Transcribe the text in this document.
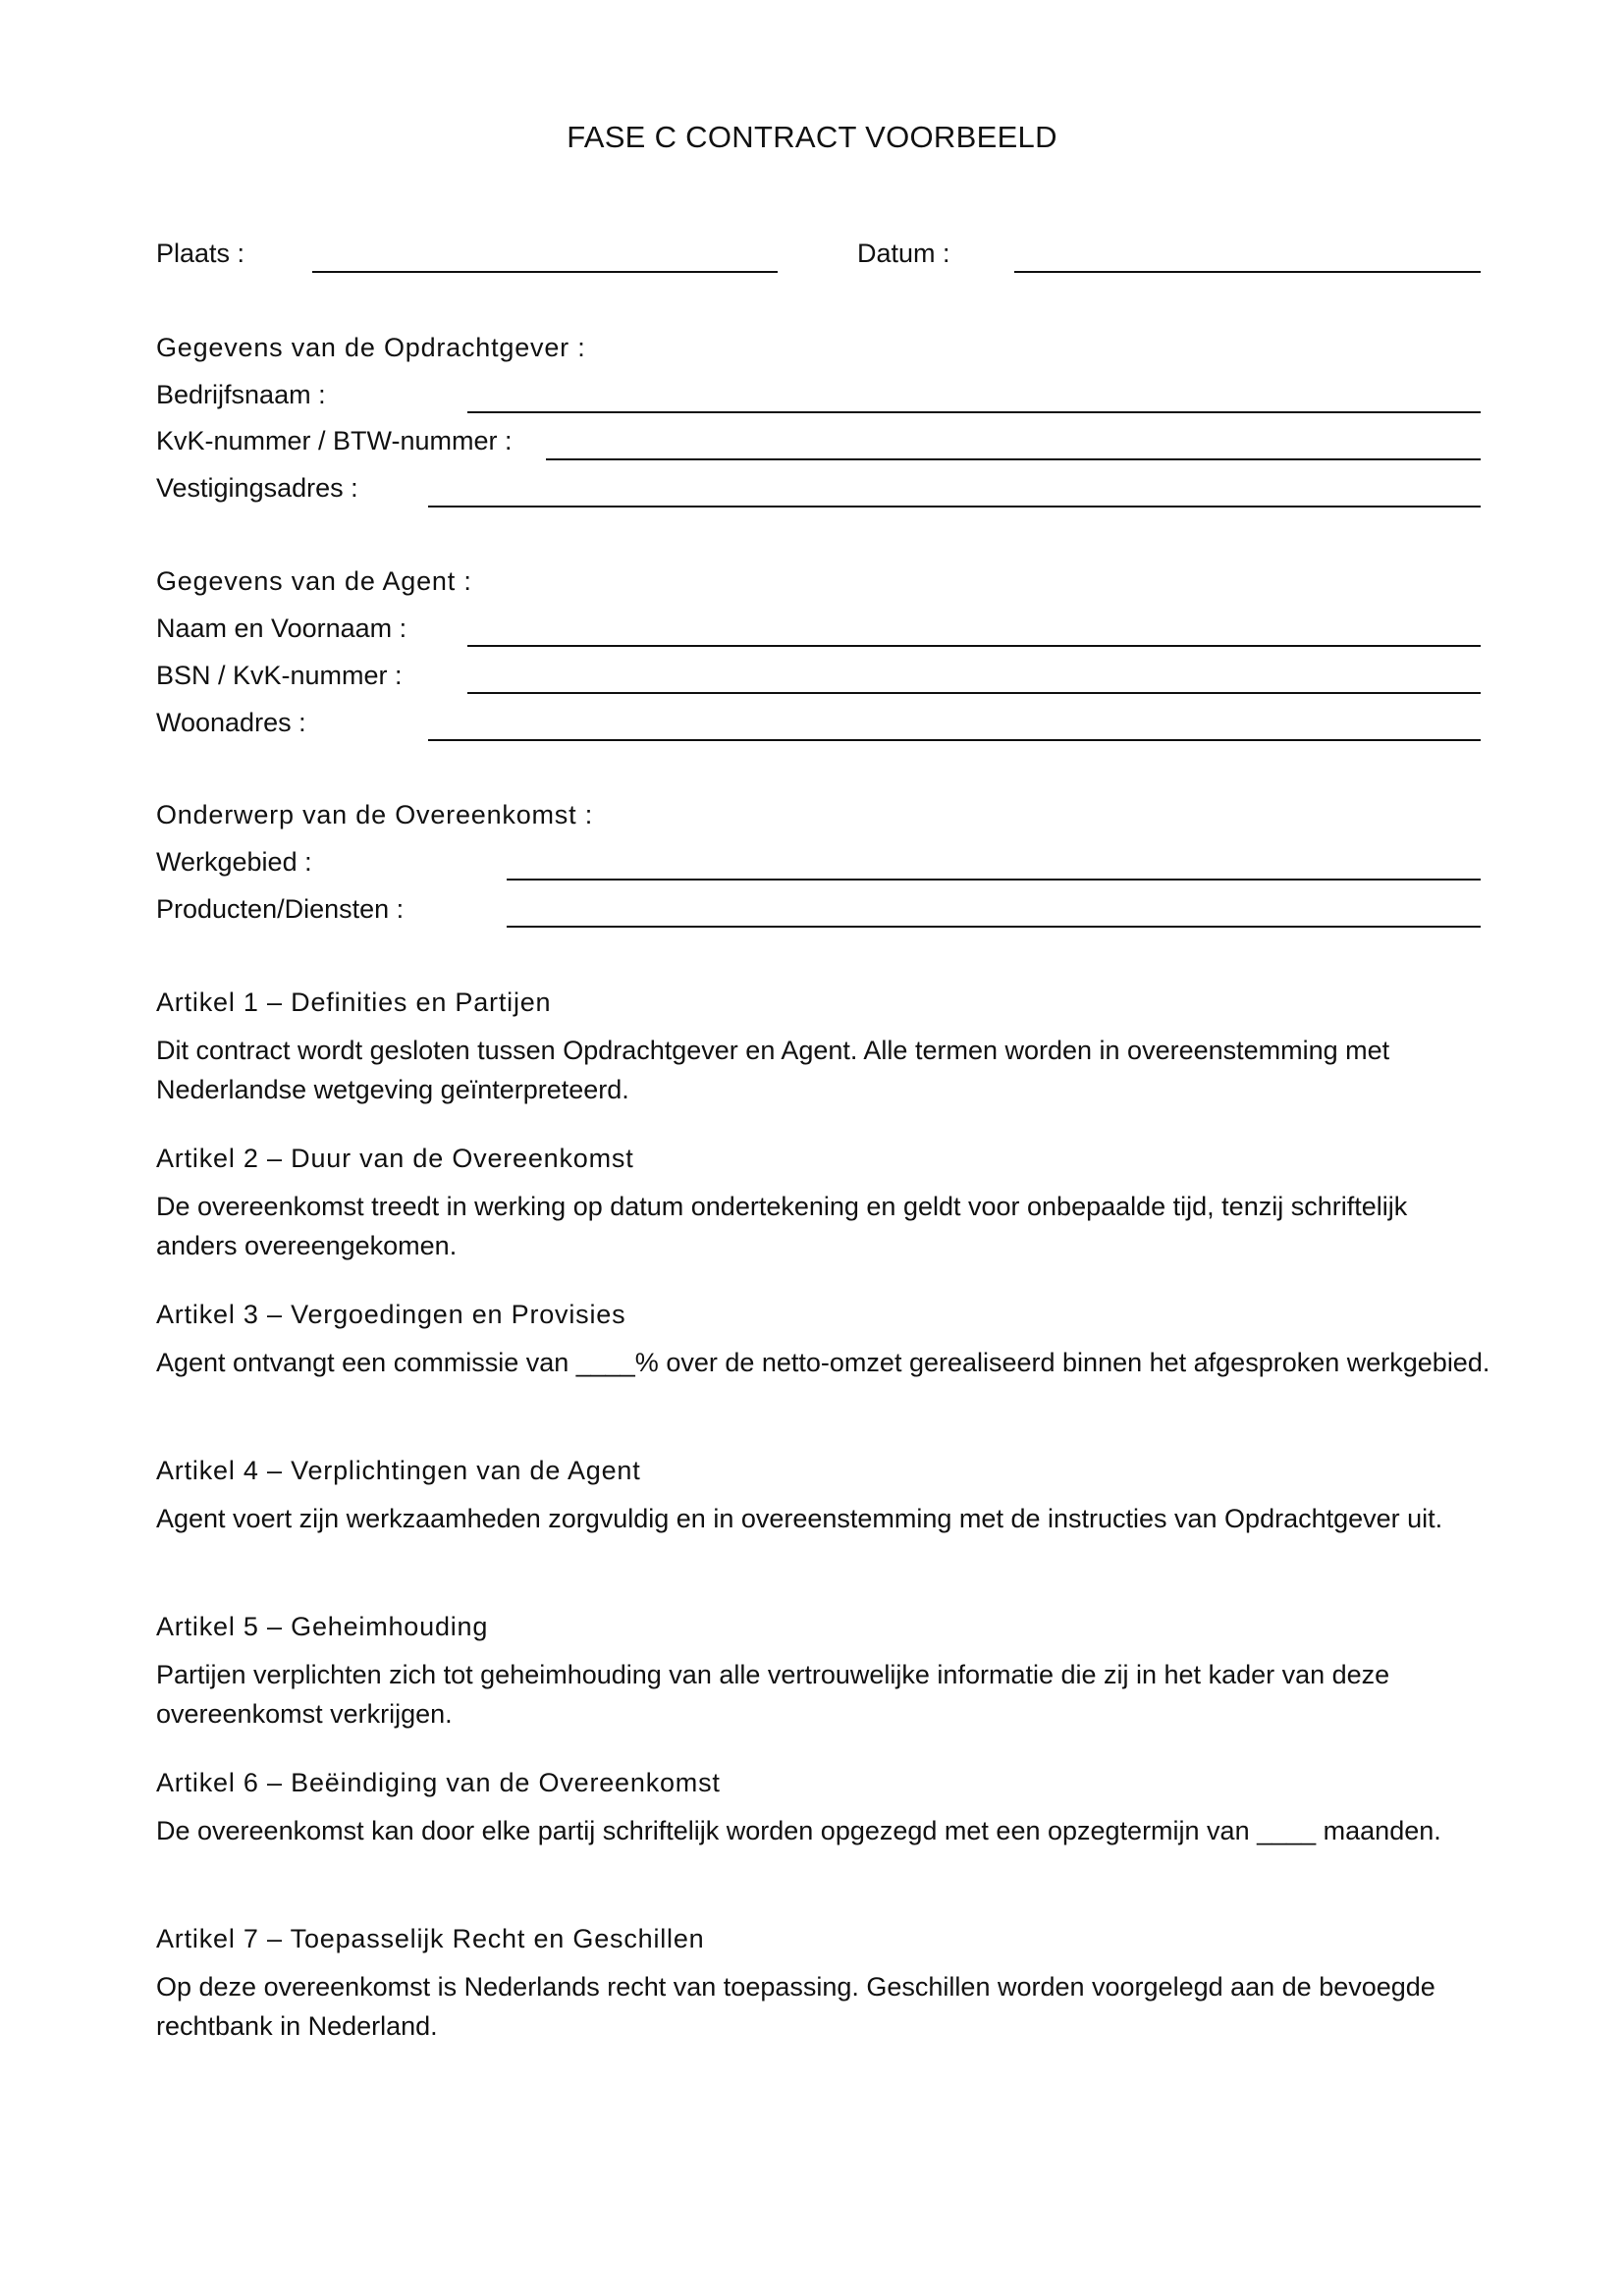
FASE C CONTRACT VOORBEELD
Plaats :	Datum :
Gegevens van de Opdrachtgever :
Bedrijfsnaam :
KvK-nummer / BTW-nummer :
Vestigingsadres :
Gegevens van de Agent :
Naam en Voornaam :
BSN / KvK-nummer :
Woonadres :
Onderwerp van de Overeenkomst :
Werkgebied :
Producten/Diensten :
Artikel 1 – Definities en Partijen
Dit contract wordt gesloten tussen Opdrachtgever en Agent. Alle termen worden in overeenstemming met Nederlandse wetgeving geïnterpreteerd.
Artikel 2 – Duur van de Overeenkomst
De overeenkomst treedt in werking op datum ondertekening en geldt voor onbepaalde tijd, tenzij schriftelijk anders overeengekomen.
Artikel 3 – Vergoedingen en Provisies
Agent ontvangt een commissie van ____% over de netto-omzet gerealiseerd binnen het afgesproken werkgebied.
Artikel 4 – Verplichtingen van de Agent
Agent voert zijn werkzaamheden zorgvuldig en in overeenstemming met de instructies van Opdrachtgever uit.
Artikel 5 – Geheimhouding
Partijen verplichten zich tot geheimhouding van alle vertrouwelijke informatie die zij in het kader van deze overeenkomst verkrijgen.
Artikel 6 – Beëindiging van de Overeenkomst
De overeenkomst kan door elke partij schriftelijk worden opgezegd met een opzegtermijn van ____ maanden.
Artikel 7 – Toepasselijk Recht en Geschillen
Op deze overeenkomst is Nederlands recht van toepassing. Geschillen worden voorgelegd aan de bevoegde rechtbank in Nederland.
